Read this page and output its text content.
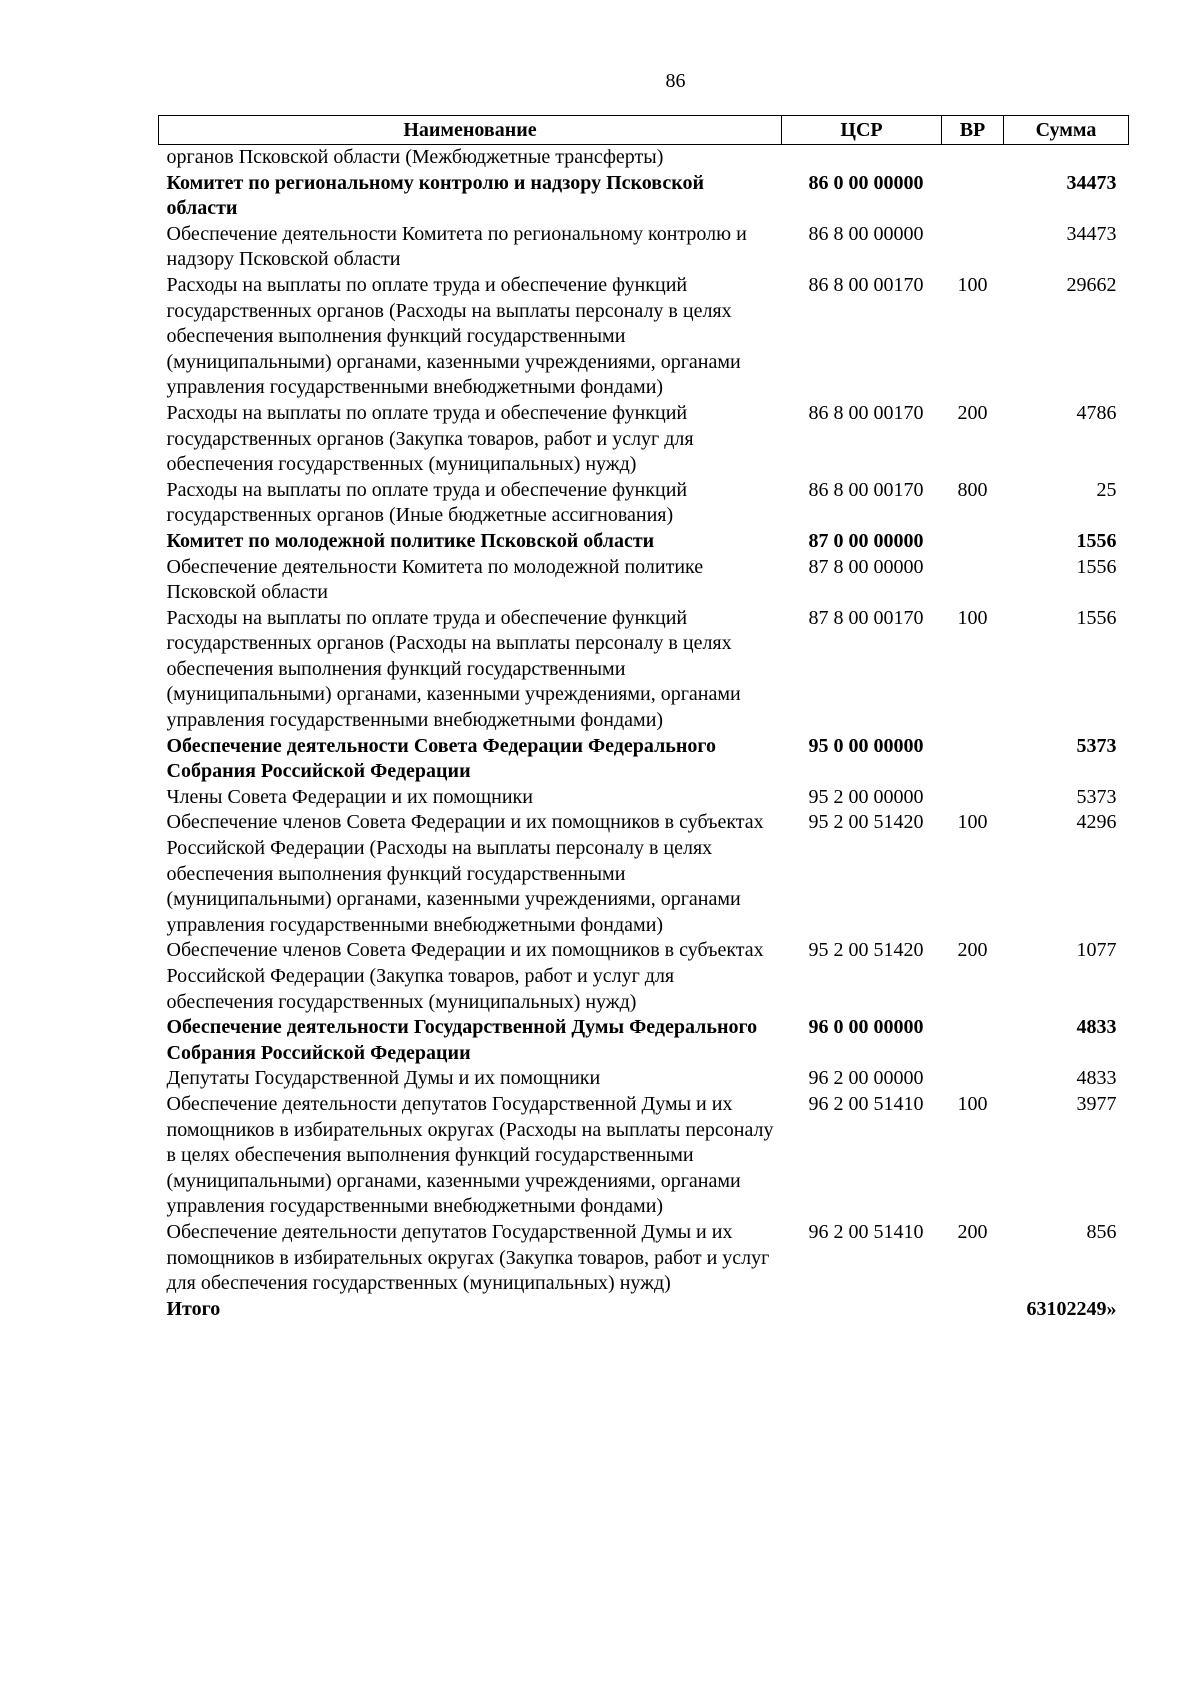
86
Наименование	ЦСР	ВР	Сумма
органов Псковской области (Межбюджетные трансферты)			
Комитет по региональному контролю и надзору Псковской области	86 0 00 00000		34473
Обеспечение деятельности Комитета по региональному контролю и надзору Псковской области	86 8 00 00000		34473
Расходы на выплаты по оплате труда и обеспечение функций государственных органов (Расходы на выплаты персоналу в целях обеспечения выполнения функций государственными (муниципальными) органами, казенными учреждениями, органами управления государственными внебюджетными фондами)	86 8 00 00170	100	29662
Расходы на выплаты по оплате труда и обеспечение функций государственных органов (Закупка товаров, работ и услуг для обеспечения государственных (муниципальных) нужд)	86 8 00 00170	200	4786
Расходы на выплаты по оплате труда и обеспечение функций государственных органов (Иные бюджетные ассигнования)	86 8 00 00170	800	25
Комитет по молодежной политике Псковской области	87 0 00 00000		1556
Обеспечение деятельности Комитета по молодежной политике Псковской области	87 8 00 00000		1556
Расходы на выплаты по оплате труда и обеспечение функций государственных органов (Расходы на выплаты персоналу в целях обеспечения выполнения функций государственными (муниципальными) органами, казенными учреждениями, органами управления государственными внебюджетными фондами)	87 8 00 00170	100	1556
Обеспечение деятельности Совета Федерации Федерального Собрания Российской Федерации	95 0 00 00000		5373
Члены Совета Федерации и их помощники	95 2 00 00000		5373
Обеспечение членов Совета Федерации и их помощников в субъектах Российской Федерации (Расходы на выплаты персоналу в целях обеспечения выполнения функций государственными (муниципальными) органами, казенными учреждениями, органами управления государственными внебюджетными фондами)	95 2 00 51420	100	4296
Обеспечение членов Совета Федерации и их помощников в субъектах Российской Федерации (Закупка товаров, работ и услуг для обеспечения государственных (муниципальных) нужд)	95 2 00 51420	200	1077
Обеспечение деятельности Государственной Думы Федерального Собрания Российской Федерации	96 0 00 00000		4833
Депутаты Государственной Думы и их помощники	96 2 00 00000		4833
Обеспечение деятельности депутатов Государственной Думы и их помощников в избирательных округах (Расходы на выплаты персоналу в целях обеспечения выполнения функций государственными (муниципальными) органами, казенными учреждениями, органами управления государственными внебюджетными фондами)	96 2 00 51410	100	3977
Обеспечение деятельности депутатов Государственной Думы и их помощников в избирательных округах (Закупка товаров, работ и услуг для обеспечения государственных (муниципальных) нужд)	96 2 00 51410	200	856
Итого			63102249»
